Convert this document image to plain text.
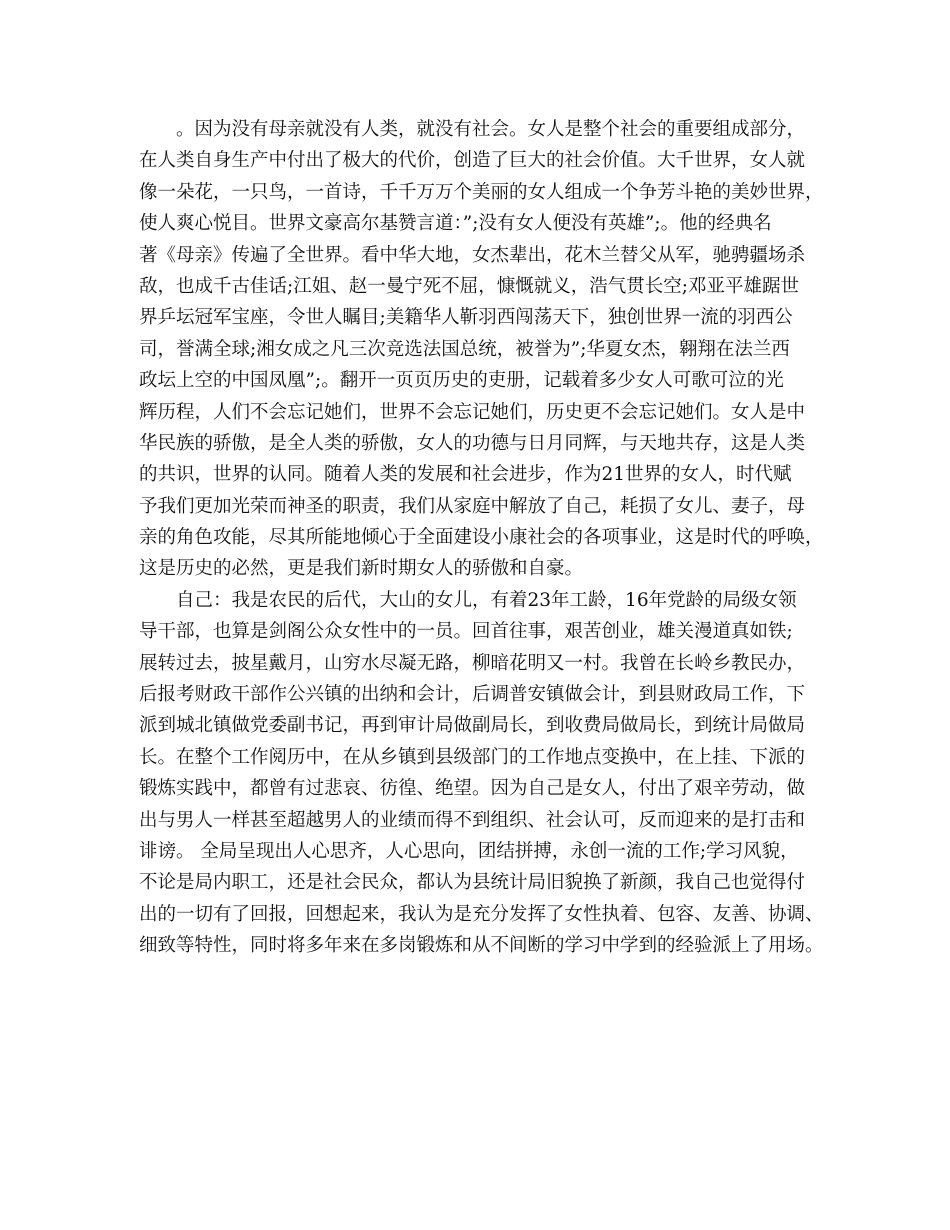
。因为没有母亲就没有人类，就没有社会。女人是整个社会的重要组成部分，
在人类自身生产中付出了极大的代价，创造了巨大的社会价值。大千世界，女人就
像一朵花，一只鸟，一首诗，千千万万个美丽的女人组成一个争芳斗艳的美妙世界，
使人爽心悦目。世界文豪高尔基赞言道：”;没有女人便没有英雄”;。他的经典名
著《母亲》传遍了全世界。看中华大地，女杰辈出，花木兰替父从军，驰骋疆场杀
敌，也成千古佳话;江姐、赵一曼宁死不屈，慷慨就义，浩气贯长空;邓亚平雄踞世
界乒坛冠军宝座，令世人瞩目;美籍华人靳羽西闯荡天下，独创世界一流的羽西公
司，誉满全球;湘女成之凡三次竞选法国总统，被誉为”;华夏女杰，翱翔在法兰西
政坛上空的中国凤凰”;。翻开一页页历史的吏册，记载着多少女人可歌可泣的光
辉历程，人们不会忘记她们，世界不会忘记她们，历史更不会忘记她们。女人是中
华民族的骄傲，是全人类的骄傲，女人的功德与日月同辉，与天地共存，这是人类
的共识，世界的认同。随着人类的发展和社会进步，作为21世界的女人，时代赋
予我们更加光荣而神圣的职责，我们从家庭中解放了自己，耗损了女儿、妻子，母
亲的角色攻能，尽其所能地倾心于全面建设小康社会的各项事业，这是时代的呼唤，
这是历史的必然，更是我们新时期女人的骄傲和自豪。
自己：我是农民的后代，大山的女儿，有着23年工龄，16年党龄的局级女领
导干部，也算是剑阁公众女性中的一员。回首往事，艰苦创业，雄关漫道真如铁;
展转过去，披星戴月，山穷水尽凝无路，柳暗花明又一村。我曾在长岭乡教民办，
后报考财政干部作公兴镇的出纳和会计，后调普安镇做会计，到县财政局工作，下
派到城北镇做党委副书记，再到审计局做副局长，到收费局做局长，到统计局做局
长。在整个工作阅历中，在从乡镇到县级部门的工作地点变换中，在上挂、下派的
锻炼实践中，都曾有过悲哀、彷徨、绝望。因为自己是女人，付出了艰辛劳动，做
出与男人一样甚至超越男人的业绩而得不到组织、社会认可，反而迎来的是打击和
诽谤。 全局呈现出人心思齐，人心思向，团结拼搏，永创一流的工作;学习风貌，
不论是局内职工，还是社会民众，都认为县统计局旧貌换了新颜，我自己也觉得付
出的一切有了回报，回想起来，我认为是充分发挥了女性执着、包容、友善、协调、
细致等特性，同时将多年来在多岗锻炼和从不间断的学习中学到的经验派上了用场。
